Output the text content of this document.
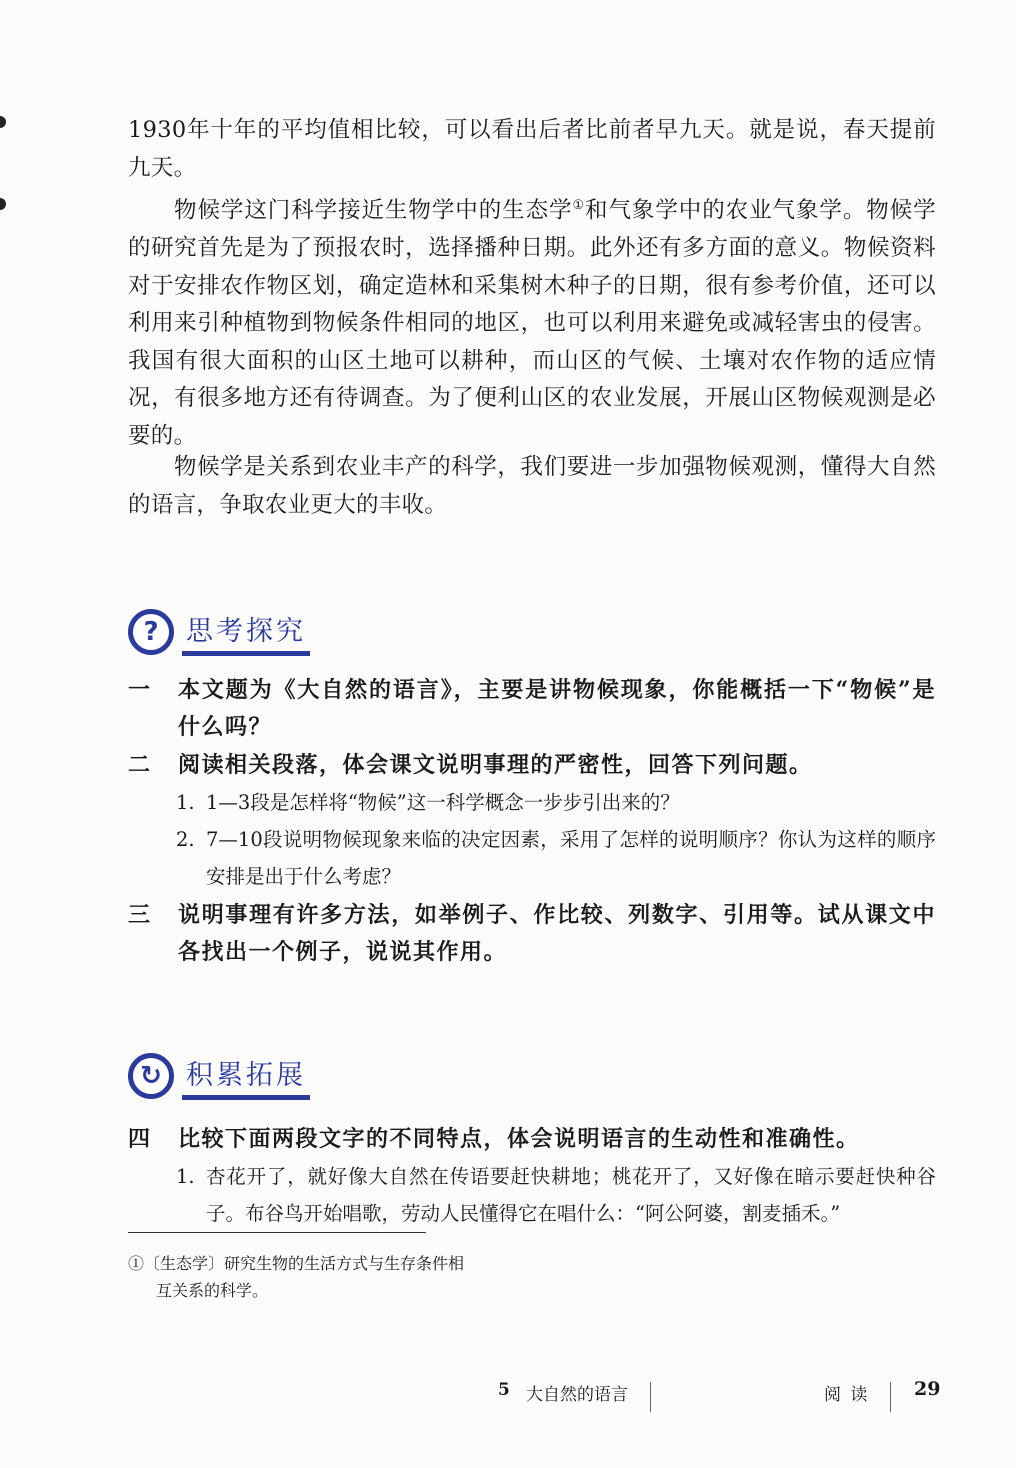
1930年十年的平均值相比较，可以看出后者比前者早九天。就是说，春天提前九天。

物候学这门科学接近生物学中的生态学①和气象学中的农业气象学。物候学的研究首先是为了预报农时，选择播种日期。此外还有多方面的意义。物候资料对于安排农作物区划，确定造林和采集树木种子的日期，很有参考价值，还可以利用来引种植物到物候条件相同的地区，也可以利用来避免或减轻害虫的侵害。我国有很大面积的山区土地可以耕种，而山区的气候、土壤对农作物的适应情况，有很多地方还有待调查。为了便利山区的农业发展，开展山区物候观测是必要的。

物候学是关系到农业丰产的科学，我们要进一步加强物候观测，懂得大自然的语言，争取农业更大的丰收。

?	思考探究
一	本文题为《大自然的语言》，主要是讲物候现象，你能概括一下“物候”是什么吗？
二	阅读相关段落，体会课文说明事理的严密性，回答下列问题。
1. 1—3段是怎样将“物候”这一科学概念一步步引出来的？
2. 7—10段说明物候现象来临的决定因素，采用了怎样的说明顺序？你认为这样的顺序安排是出于什么考虑？
三	说明事理有许多方法，如举例子、作比较、列数字、引用等。试从课文中各找出一个例子，说说其作用。
↻ 积累拓展
四	比较下面两段文字的不同特点，体会说明语言的生动性和准确性。
1. 杏花开了，就好像大自然在传语要赶快耕地；桃花开了，又好像在暗示要赶快种谷子。布谷鸟开始唱歌，劳动人民懂得它在唱什么：“阿公阿婆，割麦插禾。”
①〔生态学〕研究生物的生活方式与生存条件相
互关系的科学。
5 大自然的语言	阅 读 29
